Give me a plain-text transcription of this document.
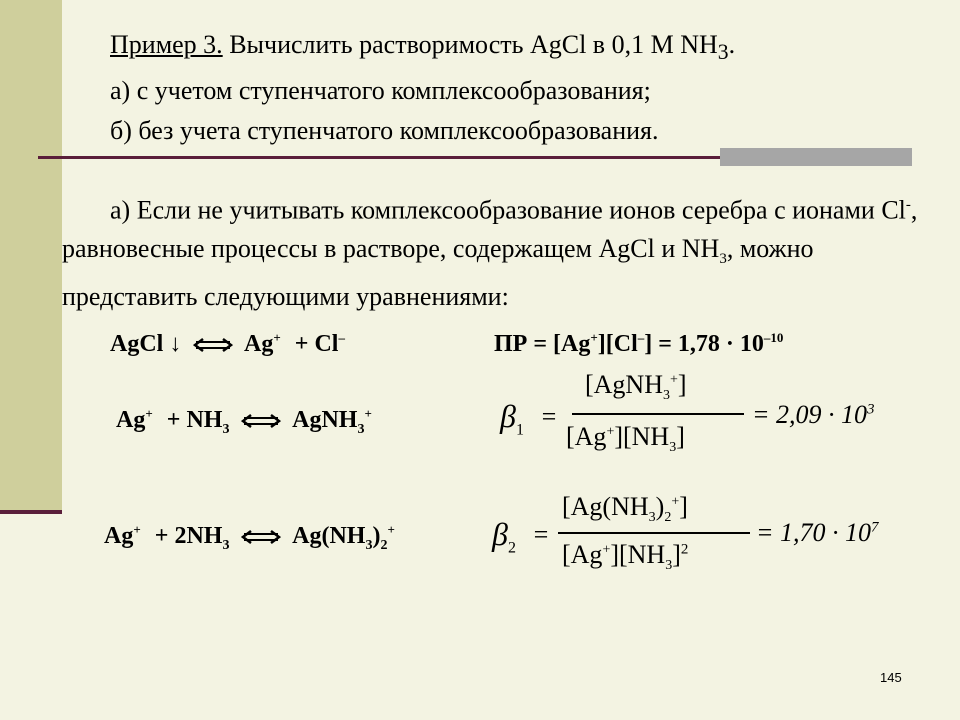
Пример 3. Вычислить растворимость AgCl в 0,1 М $NH_3$.
а) с учетом ступенчатого комплексообразования;
б) без учета ступенчатого комплексообразования.
а) Если не учитывать комплексообразование ионов серебра с ионами Cl-, равновесные процессы в растворе, содержащем AgCl и $NH_3$, можно представить следующими уравнениями:
AgCl ↓	Ag+ + Cl–	ПР = $[Ag^+][Cl^-] = 1,78 \cdot 10^{-10}$
$Ag^+ + NH_3$	AgNH$_3$+	$\beta_1$ =
[AgNH$_3$+]
$[Ag^+][NH_3]$
= $2,09 \cdot 10^3$
$Ag^+ + 2NH_3$	$Ag(NH_3)_2^+$	$\beta_2$ =
$[Ag(NH_3)_2^+]$
$[Ag^+][NH_3]^2$
= $1,70 \cdot 10^7$
145
